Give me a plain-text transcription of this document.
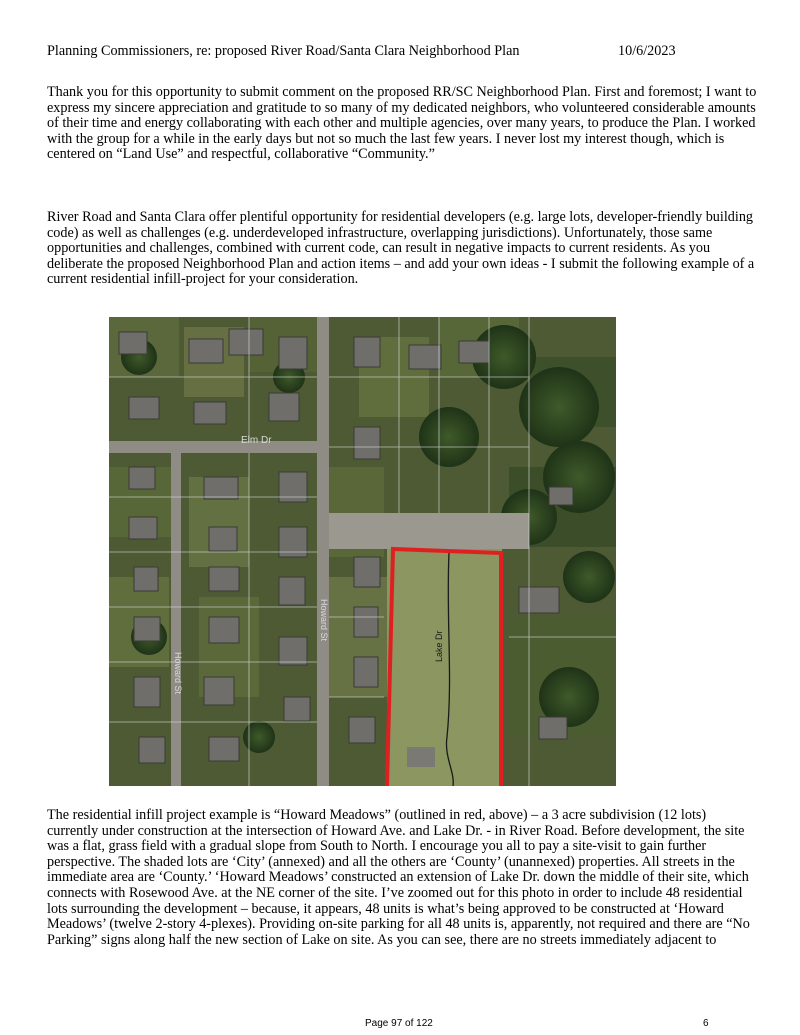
Planning Commissioners, re: proposed River Road/Santa Clara Neighborhood Plan	10/6/2023

Thank you for this opportunity to submit comment on the proposed RR/SC Neighborhood Plan. First and foremost; I want to express my sincere appreciation and gratitude to so many of my dedicated neighbors, who volunteered considerable amounts of their time and energy collaborating with each other and multiple agencies, over many years, to produce the Plan. I worked with the group for a while in the early days but not so much the last few years. I never lost my interest though, which is centered on “Land Use” and respectful, collaborative “Community.”

River Road and Santa Clara offer plentiful opportunity for residential developers (e.g. large lots, developer-friendly building code) as well as challenges (e.g. underdeveloped infrastructure, overlapping jurisdictions). Unfortunately, those same opportunities and challenges, combined with current code, can result in negative impacts to current residents. As you deliberate the proposed Neighborhood Plan and action items – and add your own ideas - I submit the following example of a current residential infill-project for your consideration.

Elm Dr
Lake Dr
Howard St
Howard St

The residential infill project example is “Howard Meadows” (outlined in red, above) – a 3 acre subdivision (12 lots) currently under construction at the intersection of Howard Ave. and Lake Dr. - in River Road. Before development, the site was a flat, grass field with a gradual slope from South to North. I encourage you all to pay a site-visit to gain further perspective. The shaded lots are ‘City’ (annexed) and all the others are ‘County’ (unannexed) properties. All streets in the immediate area are ‘County.’ ‘Howard Meadows’ constructed an extension of Lake Dr. down the middle of their site, which connects with Rosewood Ave. at the NE corner of the site. I’ve zoomed out for this photo in order to include 48 residential lots surrounding the development – because, it appears, 48 units is what’s being approved to be constructed at ‘Howard Meadows’ (twelve 2-story 4-plexes). Providing on-site parking for all 48 units is, apparently, not required and there are “No Parking” signs along half the new section of Lake on site. As you can see, there are no streets immediately adjacent to

Page 97 of 122	6
